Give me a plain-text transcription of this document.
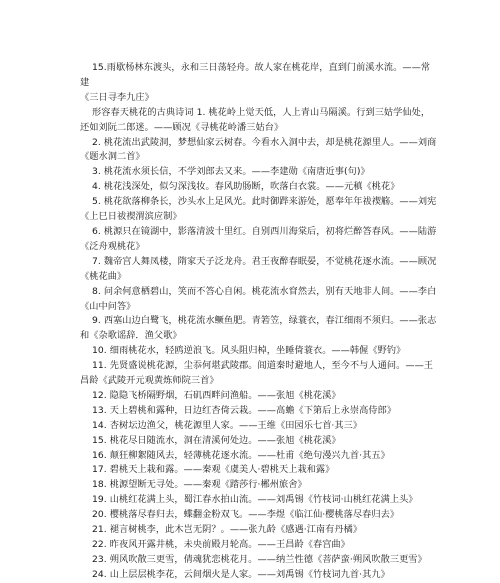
15.雨歇杨林东渡头，永和三日荡轻舟。故人家在桃花岸，直到门前溪水流。——常建

《三日寻李九庄》

形容春天桃花的古典诗词 1. 桃花岭上觉天低，人上青山马隔溪。行到三姑学仙处，

还如刘阮二郎迷。——顾况《寻桃花岭潘三姑台》

2. 桃花流出武陵洞，梦想仙家云树春。今看水入洞中去，却是桃花源里人。——刘商

《题水洞二首》

3. 桃花流水须长信，不学刘郎去又来。——李建勋《南唐近事(句)》

4. 桃花浅深处，似匀深浅妆。春风助肠断，吹落白衣裳。——元稹《桃花》

5. 桃花欲落柳条长，沙头水上足风光。此时御跸来游处，愿奉年年祓禊觞。——刘宪

《上巳日祓禊渭滨应制》

6. 桃源只在镜湖中，影落清波十里红。自别西川海棠后，初将烂醉答春风。——陆游

《泛舟观桃花》

7. 魏帝宫人舞凤楼，隋家天子泛龙舟。君王夜醉春眠晏，不觉桃花逐水流。——顾况

《桃花曲》

8. 问余何意栖碧山，笑而不答心自闲。桃花流水窅然去，别有天地非人间。——李白

《山中问答》

9. 西塞山边白鹭飞，桃花流水鳜鱼肥。青箬笠，绿蓑衣，春江细雨不须归。——张志

和《杂歌谣辞．渔父歌》

10. 细雨桃花水，轻鸥逆浪飞。风头阻归棹，坐睡倚蓑衣。——韩偓《野钓》

11. 先贤盛说桃花源，尘忝何堪武陵郡。闾道秦时避地人，至今不与人通问。——王

昌龄《武陵开元观黄炼师院三首》

12. 隐隐飞桥隔野烟，石矶西畔问渔船。——张旭《桃花溪》

13. 天上碧桃和露种，日边红杏倚云栽。——高蟾《下第后上永崇高侍郎》

14. 杏树坛边渔父，桃花源里人家。——王维《田园乐七首·其三》

15. 桃花尽日随流水，洞在清溪何处边。——张旭《桃花溪》

16. 颠狂柳絮随风去，轻薄桃花逐水流。——杜甫《绝句漫兴九首·其五》

17. 碧桃天上栽和露。——秦观《虞美人·碧桃天上栽和露》

18. 桃源望断无寻处。——秦观《踏莎行·郴州旅舍》

19. 山桃红花满上头，蜀江春水拍山流。——刘禹锡《竹枝词·山桃红花满上头》

20. 樱桃落尽春归去，蝶翻金粉双飞。——李煜《临江仙·樱桃落尽春归去》

21. 褪言树桃李，此木岂无阴？。——张九龄《感遇·江南有丹橘》

22. 昨夜风开露井桃，未央前殿月轮高。——王昌龄《春宫曲》

23. 朔风吹散三更雪，倩魂犹恋桃花月。——纳兰性德《菩萨蛮·朔风吹散三更雪》

24. 山上层层桃李花，云间烟火是人家。——刘禹锡《竹枝词九首·其九》
